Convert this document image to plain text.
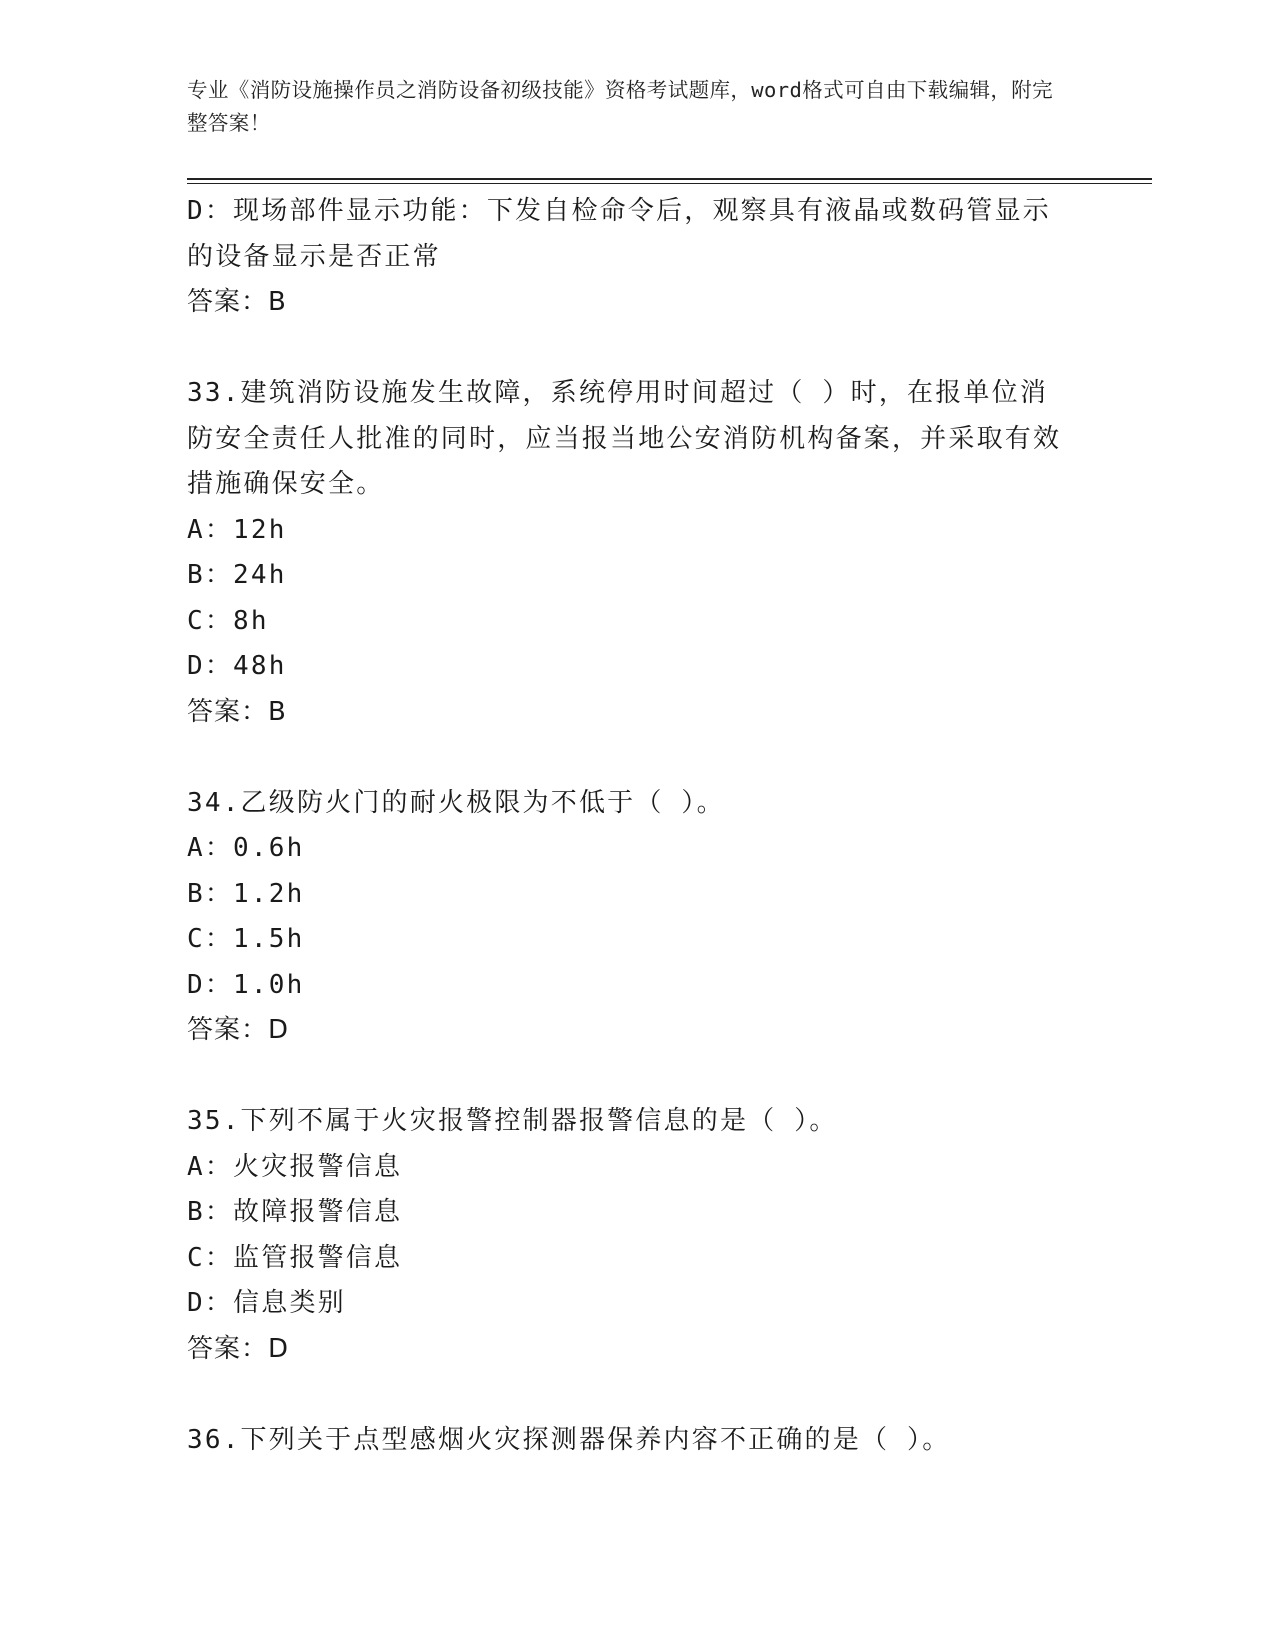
专业《消防设施操作员之消防设备初级技能》资格考试题库，word格式可自由下载编辑，附完整答案！
D：现场部件显示功能：下发自检命令后，观察具有液晶或数码管显示的设备显示是否正常
答案：B
33.建筑消防设施发生故障，系统停用时间超过（ ）时，在报单位消防安全责任人批准的同时，应当报当地公安消防机构备案，并采取有效措施确保安全。
A：12h
B：24h
C：8h
D：48h
答案：B
34.乙级防火门的耐火极限为不低于（ ）。
A：0.6h
B：1.2h
C：1.5h
D：1.0h
答案：D
35.下列不属于火灾报警控制器报警信息的是（ ）。
A：火灾报警信息
B：故障报警信息
C：监管报警信息
D：信息类别
答案：D
36.下列关于点型感烟火灾探测器保养内容不正确的是（ ）。
